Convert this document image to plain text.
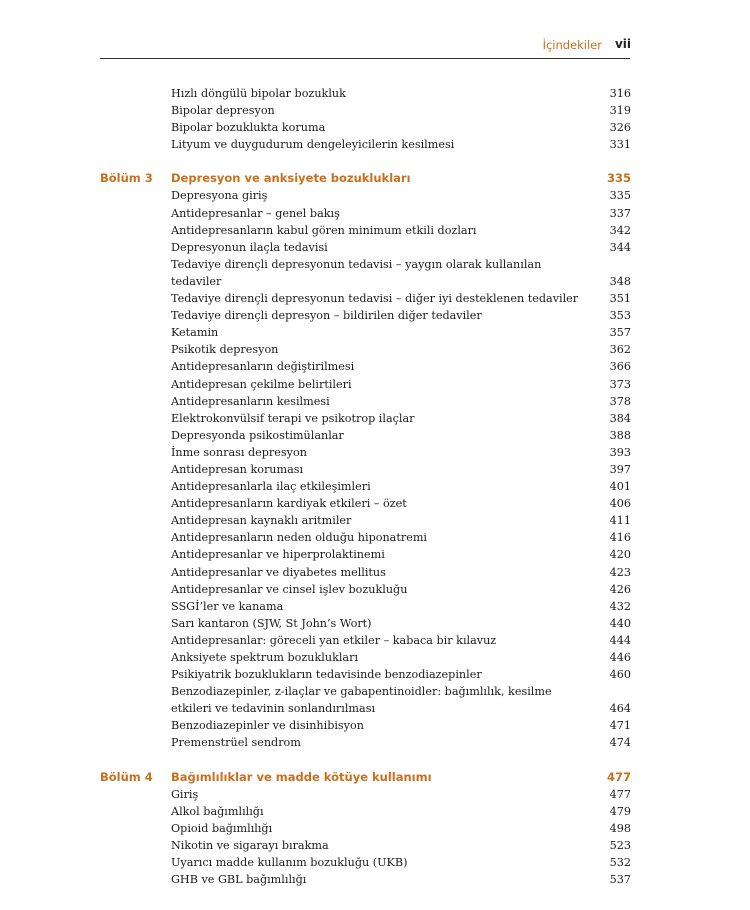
İçindekiler vii
Hızlı döngülü bipolar bozukluk	316
Bipolar depresyon	319
Bipolar bozuklukta koruma	326
Lityum ve duygudurum dengeleyicilerin kesilmesi	331
Bölüm 3 Depresyon ve anksiyete bozuklukları	335
Depresyona giriş	335
Antidepresanlar – genel bakış	337
Antidepresanların kabul gören minimum etkili dozları	342
Depresyonun ilaçla tedavisi	344
Tedaviye dirençli depresyonun tedavisi – yaygın olarak kullanılan
tedaviler	348
Tedaviye dirençli depresyonun tedavisi – diğer iyi desteklenen tedaviler	351
Tedaviye dirençli depresyon – bildirilen diğer tedaviler	353
Ketamin	357
Psikotik depresyon	362
Antidepresanların değiştirilmesi	366
Antidepresan çekilme belirtileri	373
Antidepresanların kesilmesi	378
Elektrokonvülsif terapi ve psikotrop ilaçlar	384
Depresyonda psikostimülanlar	388
İnme sonrası depresyon	393
Antidepresan koruması	397
Antidepresanlarla ilaç etkileşimleri	401
Antidepresanların kardiyak etkileri – özet	406
Antidepresan kaynaklı aritmiler	411
Antidepresanların neden olduğu hiponatremi	416
Antidepresanlar ve hiperprolaktinemi	420
Antidepresanlar ve diyabetes mellitus	423
Antidepresanlar ve cinsel işlev bozukluğu	426
SSGİ’ler ve kanama	432
Sarı kantaron (SJW, St John’s Wort)	440
Antidepresanlar: göreceli yan etkiler – kabaca bir kılavuz	444
Anksiyete spektrum bozuklukları	446
Psikiyatrik bozuklukların tedavisinde benzodiazepinler	460
Benzodiazepinler, z-ilaçlar ve gabapentinoidler: bağımlılık, kesilme
etkileri ve tedavinin sonlandırılması	464
Benzodiazepinler ve disinhibisyon	471
Premenstrüel sendrom	474
Bölüm 4 Bağımlılıklar ve madde kötüye kullanımı	477
Giriş	477
Alkol bağımlılığı	479
Opioid bağımlılığı	498
Nikotin ve sigarayı bırakma	523
Uyarıcı madde kullanım bozukluğu (UKB)	532
GHB ve GBL bağımlılığı	537
